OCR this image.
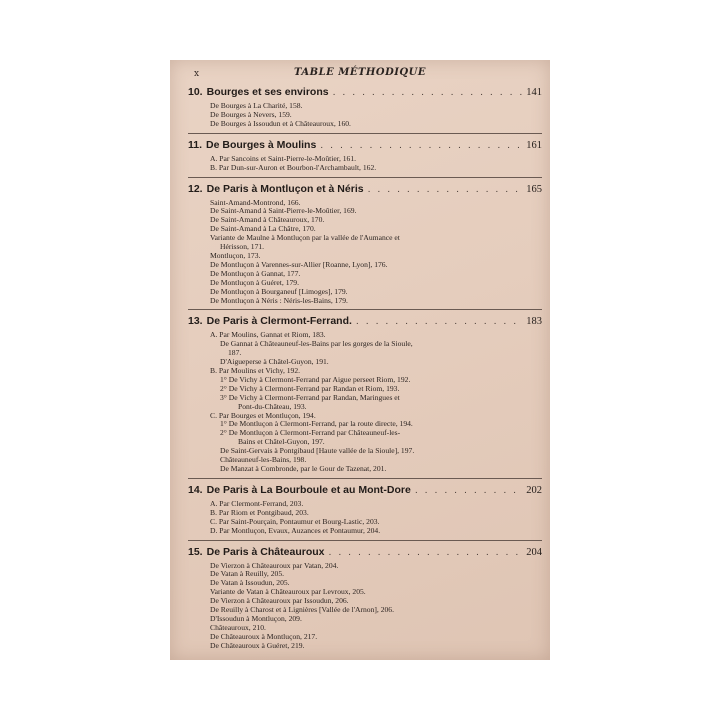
x	TABLE MÉTHODIQUE
10. Bourges et ses environs . . .	141
De Bourges à La Charité, 158.
De Bourges à Nevers, 159.
De Bourges à Issoudun et à Châteauroux, 160.
11. De Bourges à Moulins . . .	161
A. Par Sancoins et Saint-Pierre-le-Moûtier, 161.
B. Par Dun-sur-Auron et Bourbon-l'Archambault, 162.
12. De Paris à Montluçon et à Néris . . .	165
Saint-Amand-Montrond, 166.
De Saint-Amand à Saint-Pierre-le-Moûtier, 169.
De Saint-Amand à Châteauroux, 170.
De Saint-Amand à La Châtre, 170.
Variante de Maulne à Montluçon par la vallée de l'Aumance et
Hérisson, 171.
Montluçon, 173.
De Montluçon à Varennes-sur-Allier [Roanne, Lyon], 176.
De Montluçon à Gannat, 177.
De Montluçon à Guéret, 179.
De Montluçon à Bourganeuf [Limoges], 179.
De Montluçon à Néris : Néris-les-Bains, 179.
13. De Paris à Clermont-Ferrand. . . .	183
A. Par Moulins, Gannat et Riom, 183.
De Gannat à Châteauneuf-les-Bains par les gorges de la Sioule,
187.
D'Aigueperse à Châtel-Guyon, 191.
B. Par Moulins et Vichy, 192.
1° De Vichy à Clermont-Ferrand par Aigue perseet Riom, 192.
2° De Vichy à Clermont-Ferrand par Randan et Riom, 193.
3° De Vichy à Clermont-Ferrand par Randan, Maringues et
Pont-du-Château, 193.
C. Par Bourges et Montluçon, 194.
1° De Montluçon à Clermont-Ferrand, par la route directe, 194.
2° De Montluçon à Clermont-Ferrand par Châteauneuf-les-
Bains et Châtel-Guyon, 197.
De Saint-Gervais à Pontgibaud [Haute vallée de la Sioule], 197.
Châteauneuf-les-Bains, 198.
De Manzat à Combronde, par le Gour de Tazenat, 201.
14. De Paris à La Bourboule et au Mont-Dore . . .	202
A. Par Clermont-Ferrand, 203.
B. Par Riom et Pontgibaud, 203.
C. Par Saint-Pourçain, Pontaumur et Bourg-Lastic, 203.
D. Par Montluçon, Evaux, Auzances et Pontaumur, 204.
15. De Paris à Châteauroux . . .	204
De Vierzon à Châteauroux par Vatan, 204.
De Vatan à Reuilly, 205.
De Vatan à Issoudun, 205.
Variante de Vatan à Châteauroux par Levroux, 205.
De Vierzon à Châteauroux par Issoudun, 206.
De Reuilly à Charost et à Lignières [Vallée de l'Arnon], 206.
D'Issoudun à Montluçon, 209.
Châteauroux, 210.
De Châteauroux à Montluçon, 217.
De Châteauroux à Guéret, 219.
